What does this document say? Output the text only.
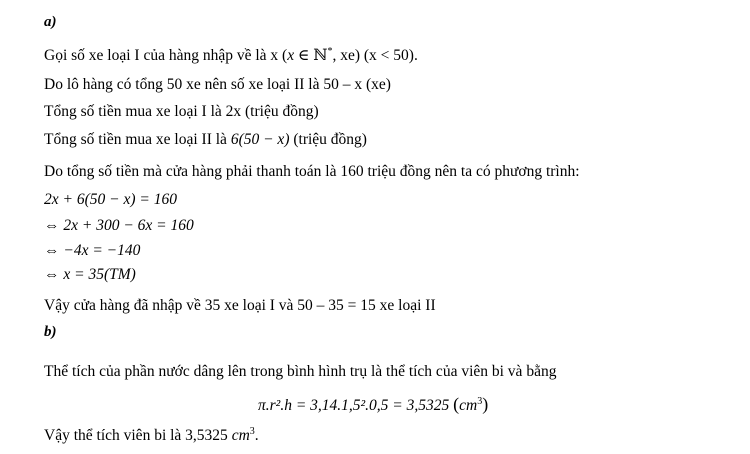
a)
Gọi số xe loại I của hàng nhập về là x (x ∈ ℕ*, xe) (x < 50).
Do lô hàng có tổng 50 xe nên số xe loại II là 50 – x (xe)
Tổng số tiền mua xe loại I là 2x (triệu đồng)
Tổng số tiền mua xe loại II là 6(50 − x) (triệu đồng)
Do tổng số tiền mà cửa hàng phải thanh toán là 160 triệu đồng nên ta có phương trình:
2x + 6(50 − x) = 160
⇔ 2x + 300 − 6x = 160
⇔ −4x = −140
⇔ x = 35(TM)
Vậy cửa hàng đã nhập về 35 xe loại I và 50 – 35 = 15 xe loại II
b)
Thể tích của phần nước dâng lên trong bình hình trụ là thể tích của viên bi và bằng
π.r².h = 3,14.1,5².0,5 = 3,5325 $(cm^3)$
Vậy thể tích viên bi là 3,5325 $cm^3$.
